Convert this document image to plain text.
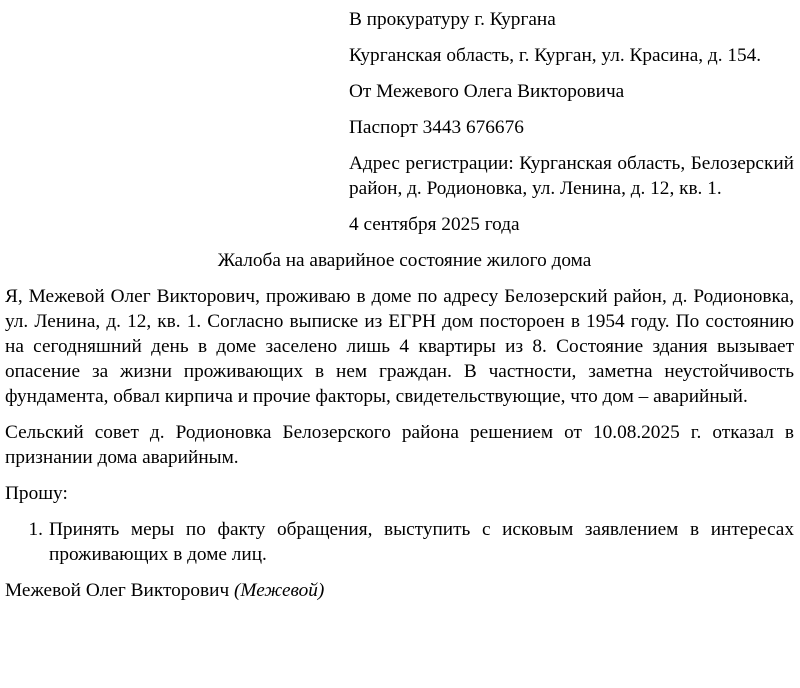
В прокуратуру г. Кургана

Курганская область, г. Курган, ул. Красина, д. 154.

От Межевого Олега Викторовича

Паспорт 3443 676676

Адрес регистрации: Курганская область, Белозерский район, д. Родионовка, ул. Ленина, д. 12, кв. 1.

4 сентября 2025 года

Жалоба на аварийное состояние жилого дома

Я, Межевой Олег Викторович, проживаю в доме по адресу Белозерский район, д. Родионовка, ул. Ленина, д. 12, кв. 1. Согласно выписке из ЕГРН дом постороен в 1954 году. По состоянию на сегодняшний день в доме заселено лишь 4 квартиры из 8. Состояние здания вызывает опасение за жизни проживающих в нем граждан. В частности, заметна неустойчивость фундамента, обвал кирпича и прочие факторы, свидетельствующие, что дом – аварийный.

Сельский совет д. Родионовка Белозерского района решением от 10.08.2025 г. отказал в признании дома аварийным.

Прошу:

1. Принять меры по факту обращения, выступить с исковым заявлением в интересах проживающих в доме лиц.

Межевой Олег Викторович (Межевой)
